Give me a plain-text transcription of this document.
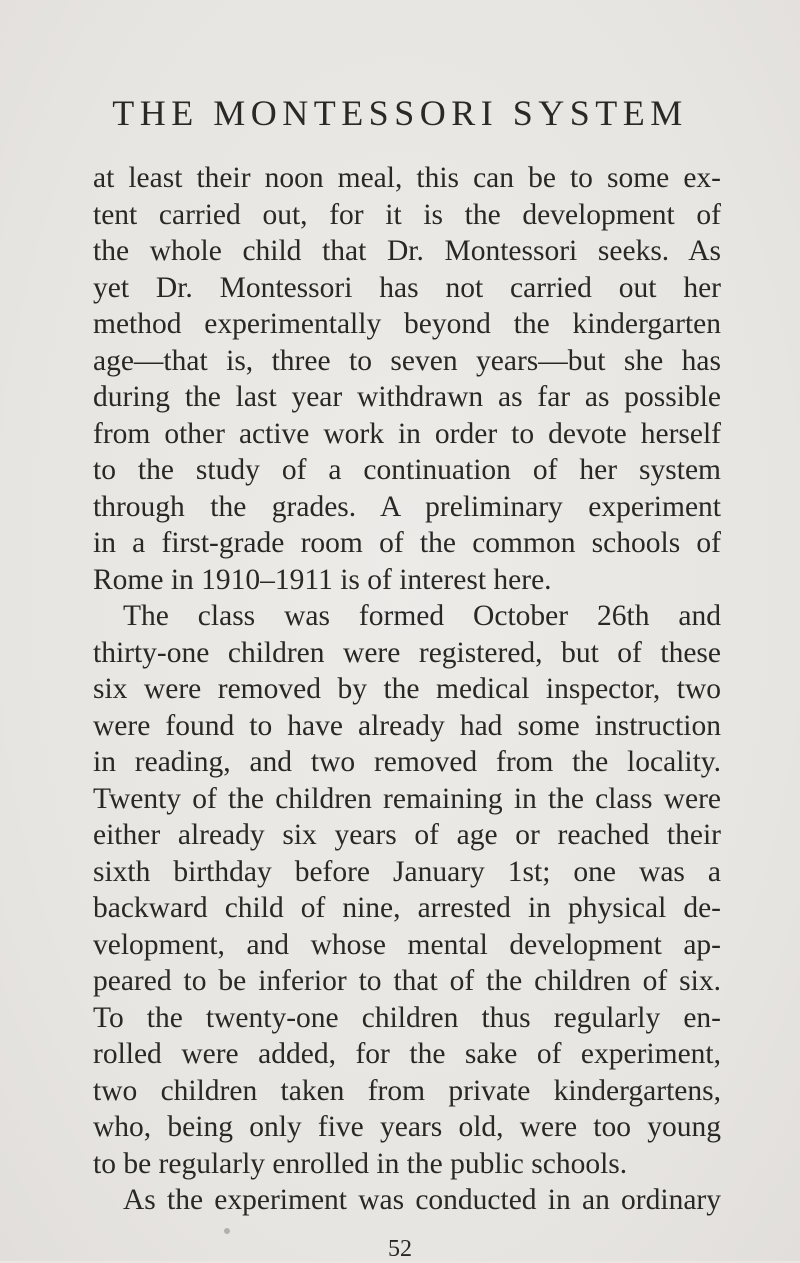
THE MONTESSORI SYSTEM
at least their noon meal, this can be to some ex-
tent carried out, for it is the development of
the whole child that Dr. Montessori seeks. As
yet Dr. Montessori has not carried out her
method experimentally beyond the kindergarten
age—that is, three to seven years—but she has
during the last year withdrawn as far as possible
from other active work in order to devote herself
to the study of a continuation of her system
through the grades. A preliminary experiment
in a first-grade room of the common schools of
Rome in 1910–1911 is of interest here.
The class was formed October 26th and
thirty-one children were registered, but of these
six were removed by the medical inspector, two
were found to have already had some instruction
in reading, and two removed from the locality.
Twenty of the children remaining in the class were
either already six years of age or reached their
sixth birthday before January 1st; one was a
backward child of nine, arrested in physical de-
velopment, and whose mental development ap-
peared to be inferior to that of the children of six.
To the twenty-one children thus regularly en-
rolled were added, for the sake of experiment,
two children taken from private kindergartens,
who, being only five years old, were too young
to be regularly enrolled in the public schools.
As the experiment was conducted in an ordinary
52
